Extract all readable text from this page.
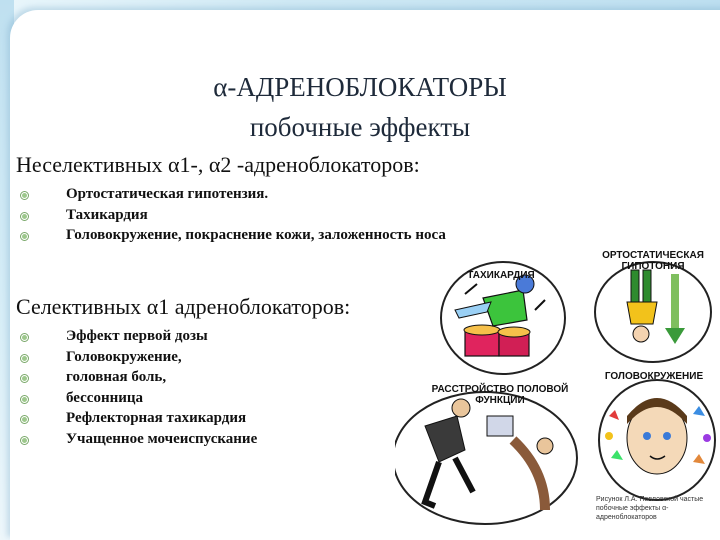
α-АДРЕНОБЛОКАТОРЫ
побочные эффекты
Неселективных α1-, α2 -адреноблокаторов:
Ортостатическая гипотензия.
Тахикардия
Головокружение, покраснение кожи, заложенность носа
Селективных α1 адреноблокаторов:
Эффект первой дозы
Головокружение,
головная боль,
бессонница
Рефлекторная тахикардия
Учащенное мочеиспускание
ТАХИКАРДИЯ
ОРТОСТАТИЧЕСКАЯ
ГИПОТОНИЯ
РАССТРОЙСТВО ПОЛОВОЙ
ФУНКЦИИ
ГОЛОВОКРУЖЕНИЕ
Рисунок Л.А. Павловской частые побочные эффекты α-адреноблокаторов
